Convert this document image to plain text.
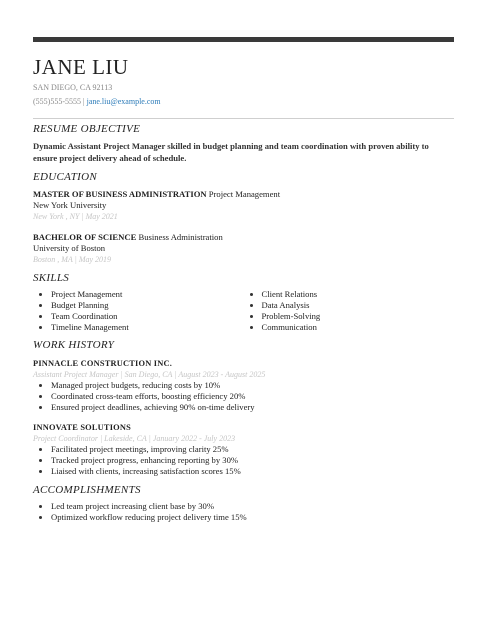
JANE LIU
SAN DIEGO, CA 92113
(555)555-5555 | jane.liu@example.com
RESUME OBJECTIVE
Dynamic Assistant Project Manager skilled in budget planning and team coordination with proven ability to ensure project delivery ahead of schedule.
EDUCATION
MASTER OF BUSINESS ADMINISTRATION Project Management
New York University
New York , NY | May 2021
BACHELOR OF SCIENCE Business Administration
University of Boston
Boston , MA | May 2019
SKILLS
Project Management
Budget Planning
Team Coordination
Timeline Management
Client Relations
Data Analysis
Problem-Solving
Communication
WORK HISTORY
PINNACLE CONSTRUCTION INC.
Assistant Project Manager | San Diego, CA | August 2023 - August 2025
Managed project budgets, reducing costs by 10%
Coordinated cross-team efforts, boosting efficiency 20%
Ensured project deadlines, achieving 90% on-time delivery
INNOVATE SOLUTIONS
Project Coordinator | Lakeside, CA | January 2022 - July 2023
Facilitated project meetings, improving clarity 25%
Tracked project progress, enhancing reporting by 30%
Liaised with clients, increasing satisfaction scores 15%
ACCOMPLISHMENTS
Led team project increasing client base by 30%
Optimized workflow reducing project delivery time 15%
